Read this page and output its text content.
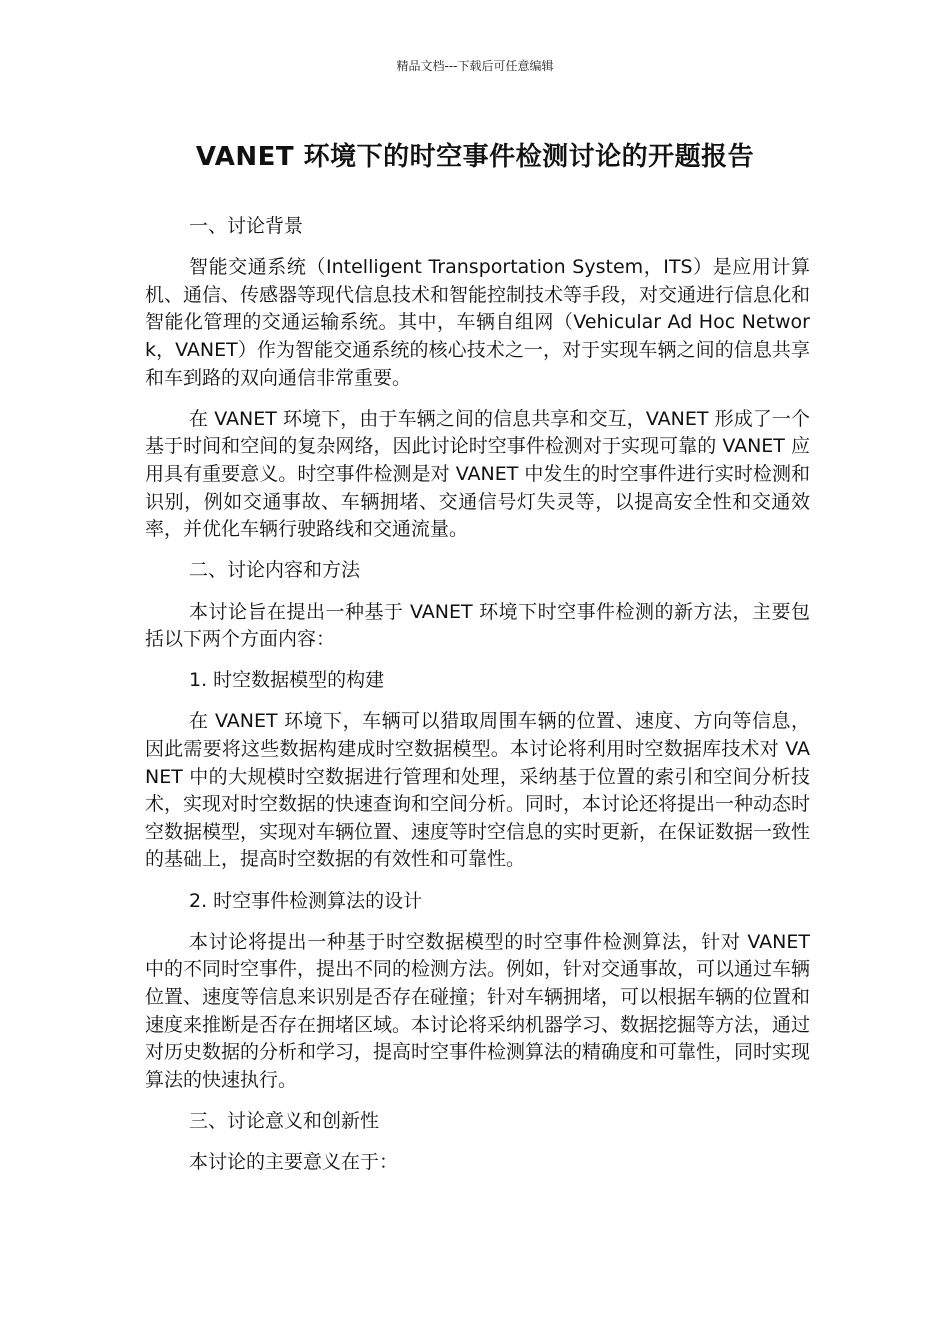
精品文档---下载后可任意编辑
VANET 环境下的时空事件检测讨论的开题报告

一、讨论背景

智能交通系统（Intelligent Transportation System，ITS）是应用计算机、通信、传感器等现代信息技术和智能控制技术等手段，对交通进行信息化和智能化管理的交通运输系统。其中，车辆自组网（Vehicular Ad Hoc Network，VANET）作为智能交通系统的核心技术之一，对于实现车辆之间的信息共享和车到路的双向通信非常重要。

在 VANET 环境下，由于车辆之间的信息共享和交互，VANET 形成了一个基于时间和空间的复杂网络，因此讨论时空事件检测对于实现可靠的 VANET 应用具有重要意义。时空事件检测是对 VANET 中发生的时空事件进行实时检测和识别，例如交通事故、车辆拥堵、交通信号灯失灵等，以提高安全性和交通效率，并优化车辆行驶路线和交通流量。

二、讨论内容和方法

本讨论旨在提出一种基于 VANET 环境下时空事件检测的新方法，主要包括以下两个方面内容：

1. 时空数据模型的构建

在 VANET 环境下，车辆可以猎取周围车辆的位置、速度、方向等信息，因此需要将这些数据构建成时空数据模型。本讨论将利用时空数据库技术对 VANET 中的大规模时空数据进行管理和处理，采纳基于位置的索引和空间分析技术，实现对时空数据的快速查询和空间分析。同时，本讨论还将提出一种动态时空数据模型，实现对车辆位置、速度等时空信息的实时更新，在保证数据一致性的基础上，提高时空数据的有效性和可靠性。

2. 时空事件检测算法的设计

本讨论将提出一种基于时空数据模型的时空事件检测算法，针对 VANET 中的不同时空事件，提出不同的检测方法。例如，针对交通事故，可以通过车辆位置、速度等信息来识别是否存在碰撞；针对车辆拥堵，可以根据车辆的位置和速度来推断是否存在拥堵区域。本讨论将采纳机器学习、数据挖掘等方法，通过对历史数据的分析和学习，提高时空事件检测算法的精确度和可靠性，同时实现算法的快速执行。

三、讨论意义和创新性

本讨论的主要意义在于：
